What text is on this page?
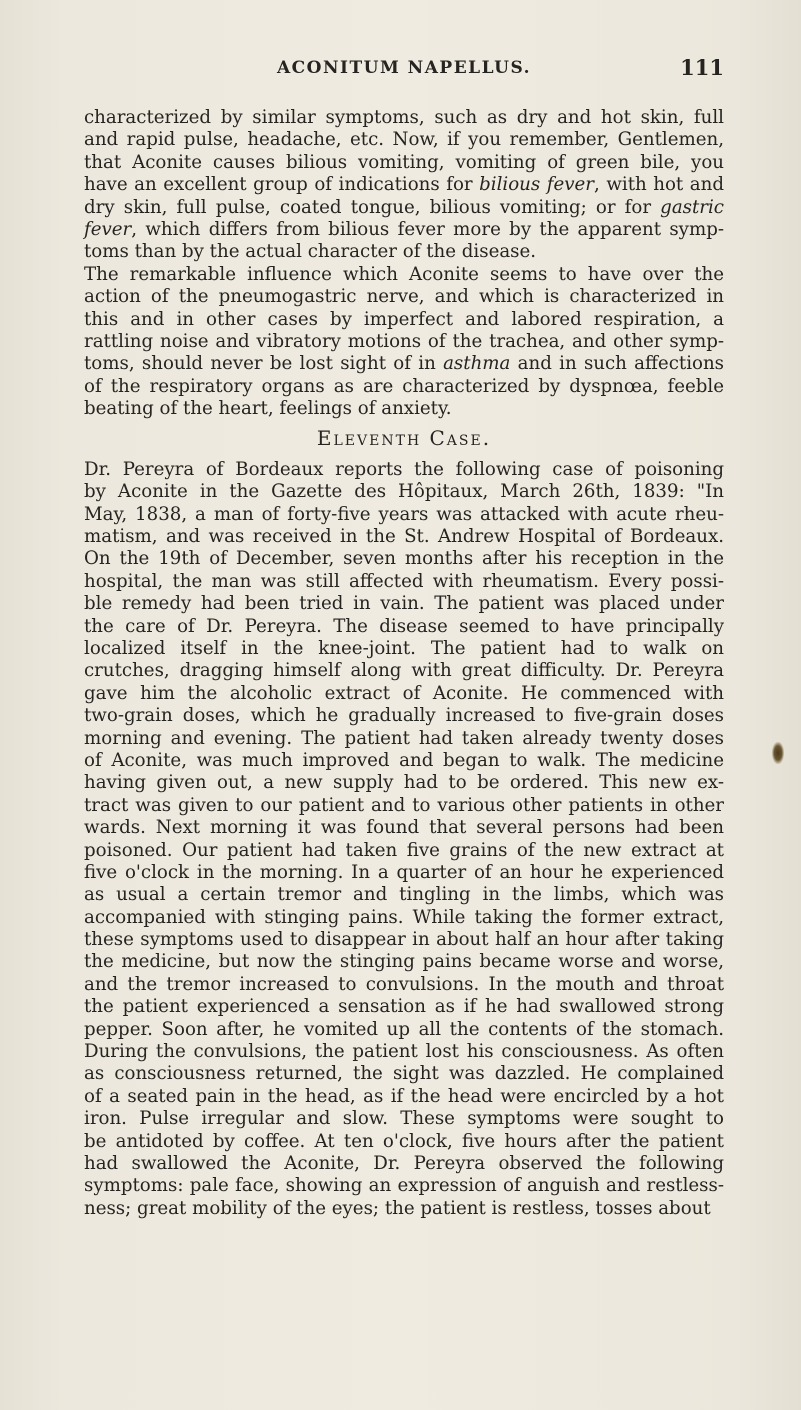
ACONITUM NAPELLUS.	111
characterized by similar symptoms, such as dry and hot skin, full
and rapid pulse, headache, etc. Now, if you remember, Gentlemen,
that Aconite causes bilious vomiting, vomiting of green bile, you
have an excellent group of indications for bilious fever, with hot and
dry skin, full pulse, coated tongue, bilious vomiting; or for gastric
fever, which differs from bilious fever more by the apparent symp-
toms than by the actual character of the disease.
The remarkable influence which Aconite seems to have over the
action of the pneumogastric nerve, and which is characterized in
this and in other cases by imperfect and labored respiration, a
rattling noise and vibratory motions of the trachea, and other symp-
toms, should never be lost sight of in asthma and in such affections
of the respiratory organs as are characterized by dyspnœa, feeble
beating of the heart, feelings of anxiety.
Eleventh Case.
Dr. Pereyra of Bordeaux reports the following case of poisoning
by Aconite in the Gazette des Hôpitaux, March 26th, 1839: "In
May, 1838, a man of forty-five years was attacked with acute rheu-
matism, and was received in the St. Andrew Hospital of Bordeaux.
On the 19th of December, seven months after his reception in the
hospital, the man was still affected with rheumatism. Every possi-
ble remedy had been tried in vain. The patient was placed under
the care of Dr. Pereyra. The disease seemed to have principally
localized itself in the knee-joint. The patient had to walk on
crutches, dragging himself along with great difficulty. Dr. Pereyra
gave him the alcoholic extract of Aconite. He commenced with
two-grain doses, which he gradually increased to five-grain doses
morning and evening. The patient had taken already twenty doses
of Aconite, was much improved and began to walk. The medicine
having given out, a new supply had to be ordered. This new ex-
tract was given to our patient and to various other patients in other
wards. Next morning it was found that several persons had been
poisoned. Our patient had taken five grains of the new extract at
five o'clock in the morning. In a quarter of an hour he experienced
as usual a certain tremor and tingling in the limbs, which was
accompanied with stinging pains. While taking the former extract,
these symptoms used to disappear in about half an hour after taking
the medicine, but now the stinging pains became worse and worse,
and the tremor increased to convulsions. In the mouth and throat
the patient experienced a sensation as if he had swallowed strong
pepper. Soon after, he vomited up all the contents of the stomach.
During the convulsions, the patient lost his consciousness. As often
as consciousness returned, the sight was dazzled. He complained
of a seated pain in the head, as if the head were encircled by a hot
iron. Pulse irregular and slow. These symptoms were sought to
be antidoted by coffee. At ten o'clock, five hours after the patient
had swallowed the Aconite, Dr. Pereyra observed the following
symptoms: pale face, showing an expression of anguish and restless-
ness; great mobility of the eyes; the patient is restless, tosses about
